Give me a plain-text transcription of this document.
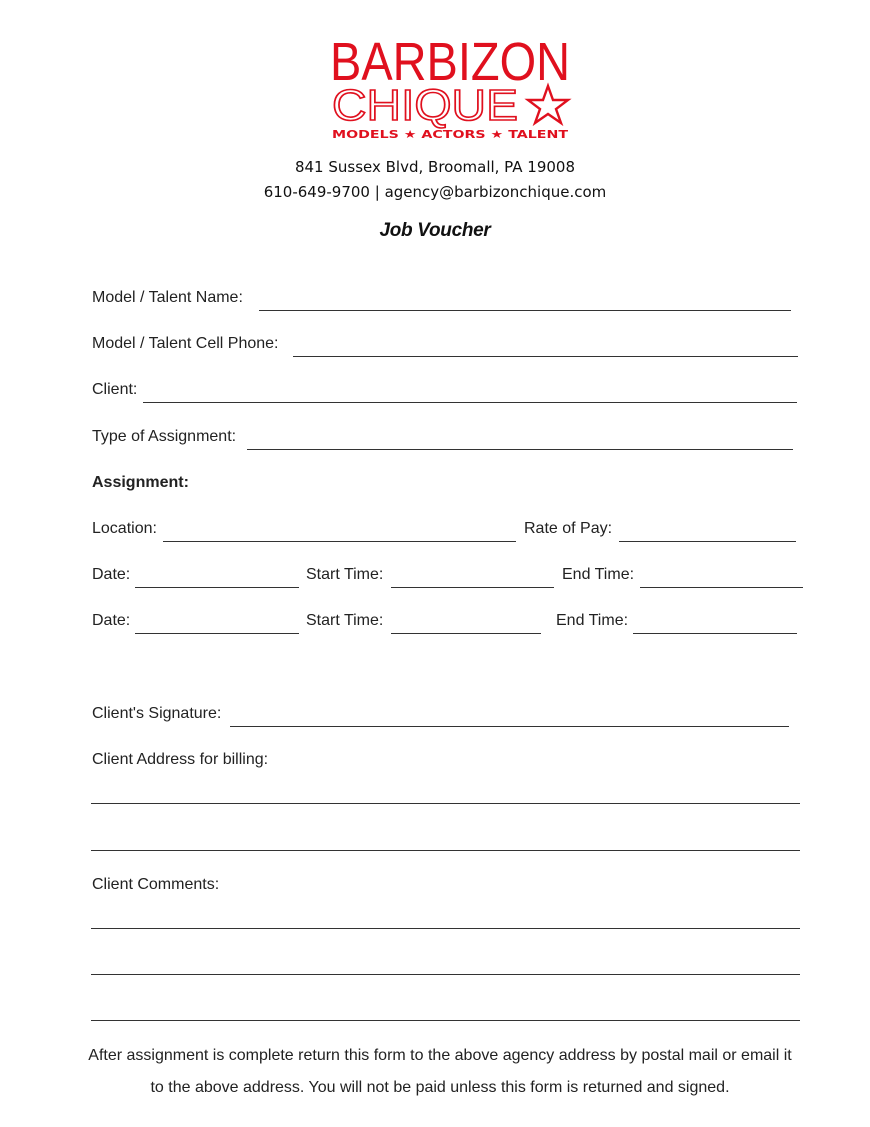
BARBIZON
CHIQUE
MODELS ★ ACTORS ★ TALENT
841 Sussex Blvd, Broomall, PA 19008
610-649-9700 | agency@barbizonchique.com
Job Voucher
Model / Talent Name:
Model / Talent Cell Phone:
Client:
Type of Assignment:
Assignment:
Location:	Rate of Pay:
Date:	Start Time:	End Time:
Date:	Start Time:	End Time:
Client's Signature:
Client Address for billing:
Client Comments:
After assignment is complete return this form to the above agency address by postal mail or email it to the above address. You will not be paid unless this form is returned and signed.
